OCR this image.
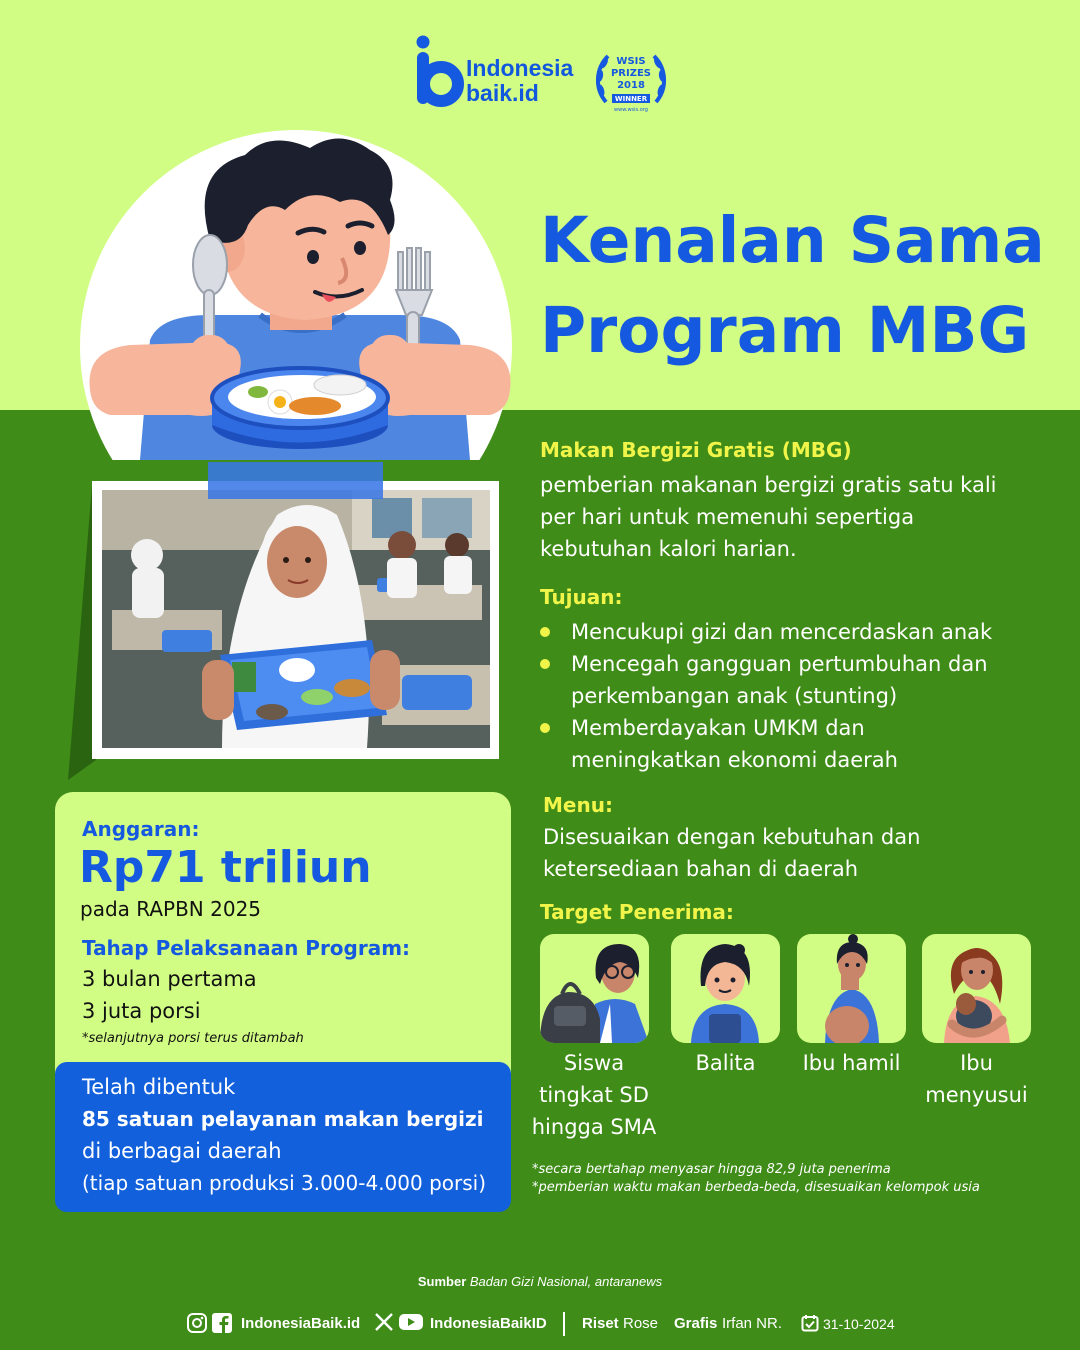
Indonesia
baik.id
WSIS
PRIZES
2018
WINNER
www.wsis.org
Kenalan Sama
Program MBG
Makan Bergizi Gratis (MBG)
pemberian makanan bergizi gratis satu kali
per hari untuk memenuhi sepertiga
kebutuhan kalori harian.
Tujuan:
Mencukupi gizi dan mencerdaskan anak
Mencegah gangguan pertumbuhan dan
perkembangan anak (stunting)
Memberdayakan UMKM dan
meningkatkan ekonomi daerah
Menu:
Disesuaikan dengan kebutuhan dan
ketersediaan bahan di daerah
Target Penerima:
Siswa
tingkat SD
hingga SMA
Balita	Ibu hamil	Ibu
menyusui
*secara bertahap menyasar hingga 82,9 juta penerima
*pemberian waktu makan berbeda-beda, disesuaikan kelompok usia
Anggaran:
Rp71 triliun
pada RAPBN 2025
Tahap Pelaksanaan Program:
3 bulan pertama
3 juta porsi
*selanjutnya porsi terus ditambah
Telah dibentuk
85 satuan pelayanan makan bergizi
di berbagai daerah
(tiap satuan produksi 3.000-4.000 porsi)
Sumber Badan Gizi Nasional, antaranews
IndonesiaBaik.id	IndonesiaBaikID Riset Rose Grafis Irfan NR.	31-10-2024
